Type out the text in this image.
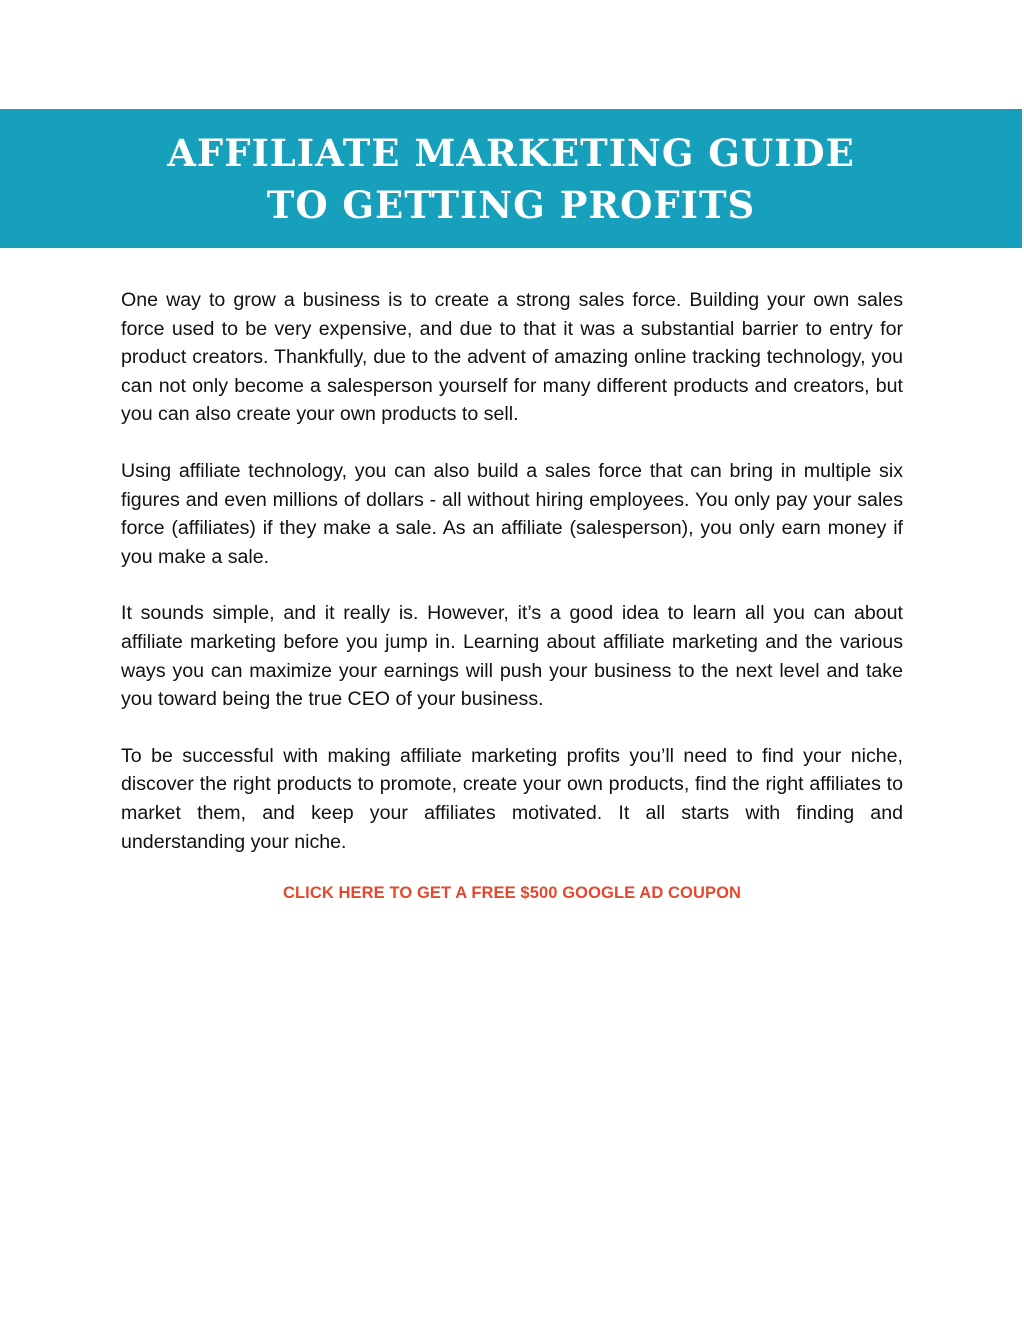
AFFILIATE MARKETING GUIDE
TO GETTING PROFITS

One way to grow a business is to create a strong sales force. Building your own sales force used to be very expensive, and due to that it was a substantial barrier to entry for product creators. Thankfully, due to the advent of amazing online tracking technology, you can not only become a salesperson yourself for many different products and creators, but you can also create your own products to sell.

Using affiliate technology, you can also build a sales force that can bring in multiple six figures and even millions of dollars - all without hiring employees. You only pay your sales force (affiliates) if they make a sale. As an affiliate (salesperson), you only earn money if you make a sale.

It sounds simple, and it really is. However, it’s a good idea to learn all you can about affiliate marketing before you jump in. Learning about affiliate marketing and the various ways you can maximize your earnings will push your business to the next level and take you toward being the true CEO of your business.

To be successful with making affiliate marketing profits you’ll need to find your niche, discover the right products to promote, create your own products, find the right affiliates to market them, and keep your affiliates motivated. It all starts with finding and understanding your niche.

CLICK HERE TO GET A FREE $500 GOOGLE AD COUPON
